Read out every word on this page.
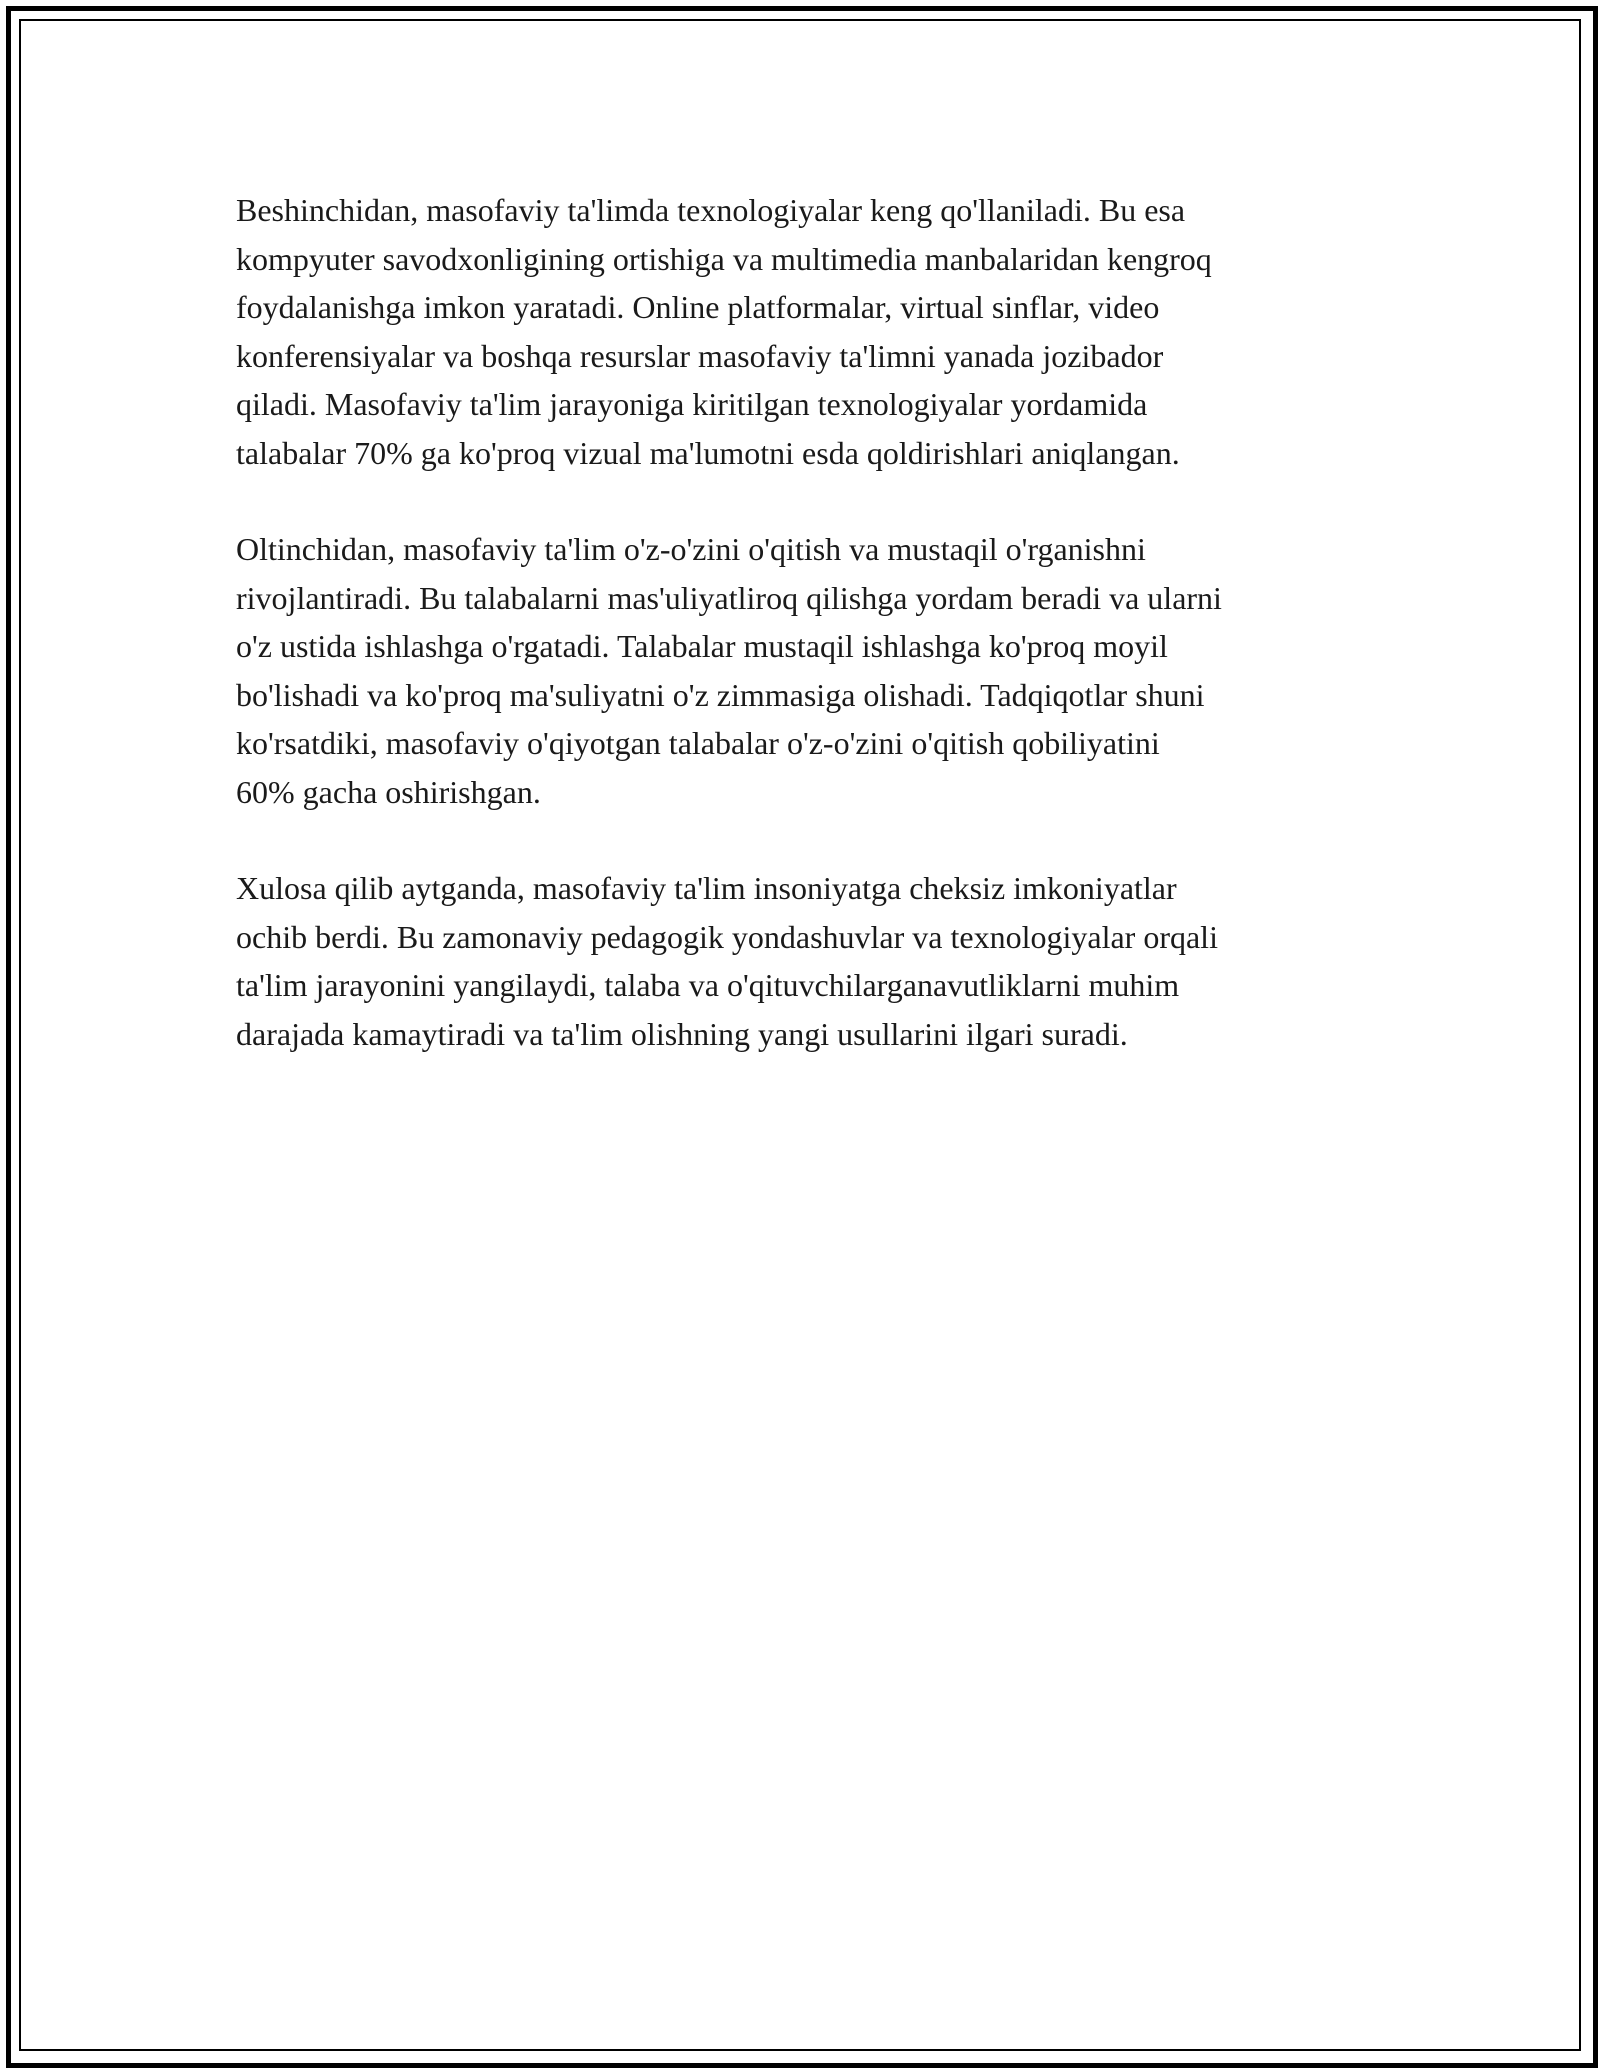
Beshinchidan, masofaviy ta'limda texnologiyalar keng qo'llaniladi. Bu esa
kompyuter savodxonligining ortishiga va multimedia manbalaridan kengroq
foydalanishga imkon yaratadi. Online platformalar, virtual sinflar, video
konferensiyalar va boshqa resurslar masofaviy ta'limni yanada jozibador
qiladi. Masofaviy ta'lim jarayoniga kiritilgan texnologiyalar yordamida
talabalar 70% ga ko'proq vizual ma'lumotni esda qoldirishlari aniqlangan.

Oltinchidan, masofaviy ta'lim o'z-o'zini o'qitish va mustaqil o'rganishni
rivojlantiradi. Bu talabalarni mas'uliyatliroq qilishga yordam beradi va ularni
o'z ustida ishlashga o'rgatadi. Talabalar mustaqil ishlashga ko'proq moyil
bo'lishadi va ko'proq ma'suliyatni o'z zimmasiga olishadi. Tadqiqotlar shuni
ko'rsatdiki, masofaviy o'qiyotgan talabalar o'z-o'zini o'qitish qobiliyatini
60% gacha oshirishgan.

Xulosa qilib aytganda, masofaviy ta'lim insoniyatga cheksiz imkoniyatlar
ochib berdi. Bu zamonaviy pedagogik yondashuvlar va texnologiyalar orqali
ta'lim jarayonini yangilaydi, talaba va o'qituvchilarganavutliklarni muhim
darajada kamaytiradi va ta'lim olishning yangi usullarini ilgari suradi.
